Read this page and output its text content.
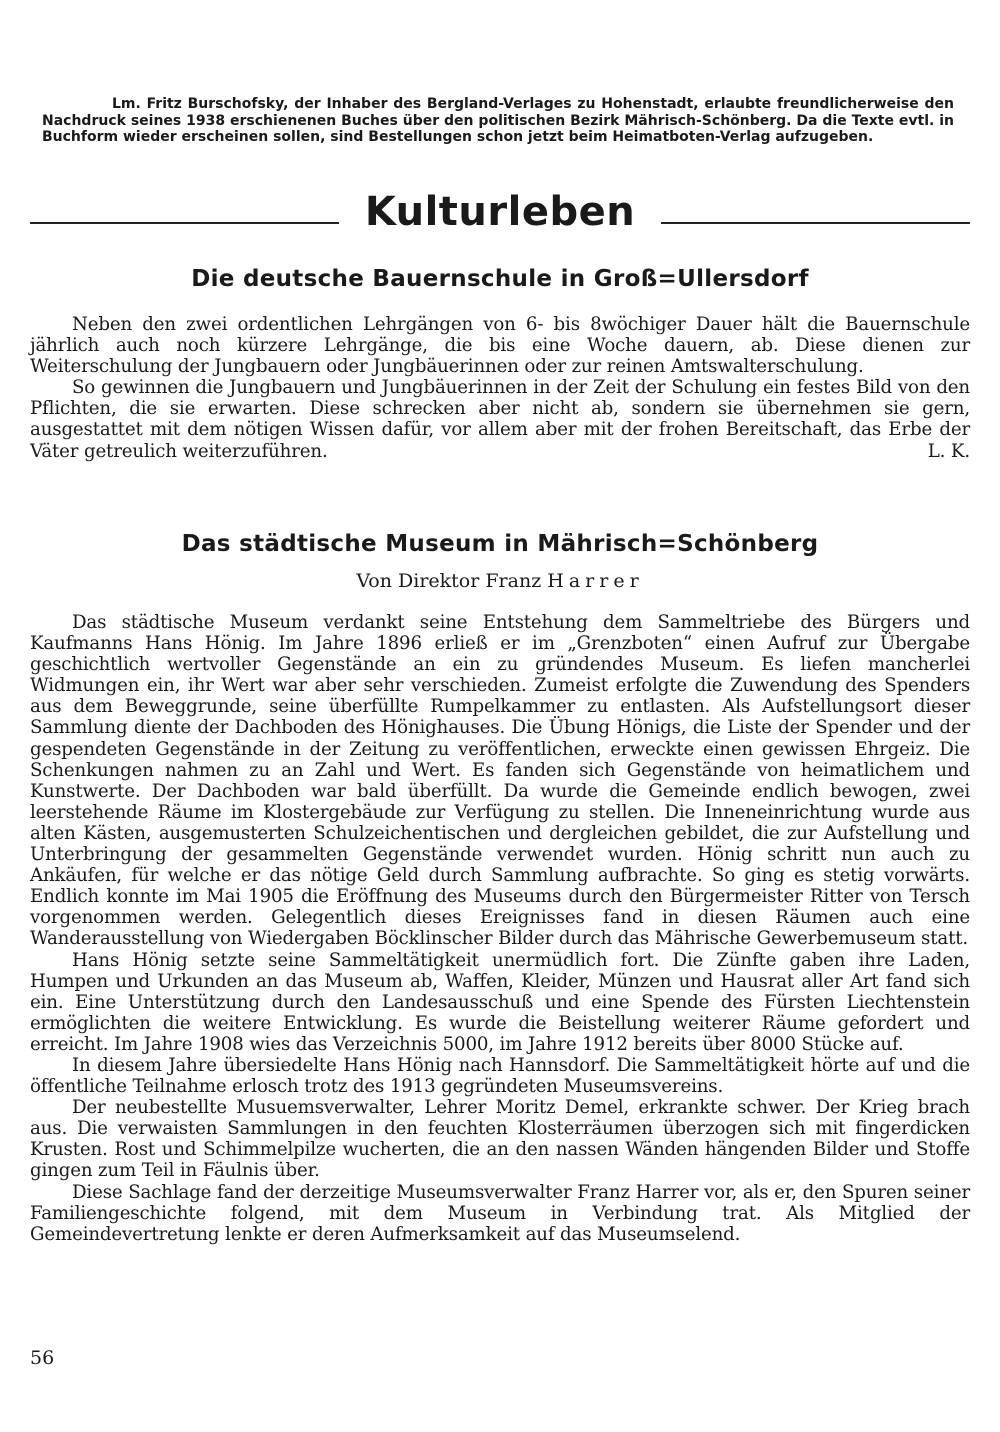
Lm. Fritz Burschofsky, der Inhaber des Bergland-Verlages zu Hohenstadt, erlaubte freundlicherweise den Nachdruck seines 1938 erschienenen Buches über den politischen Bezirk Mährisch-Schönberg. Da die Texte evtl. in Buchform wieder erscheinen sollen, sind Bestellungen schon jetzt beim Heimatboten-Verlag aufzugeben.

Kulturleben
Die deutsche Bauernschule in Groß=Ullersdorf

Neben den zwei ordentlichen Lehrgängen von 6- bis 8wöchiger Dauer hält die Bauernschule jährlich auch noch kürzere Lehrgänge, die bis eine Woche dauern, ab. Diese dienen zur Weiterschulung der Jungbauern oder Jungbäuerinnen oder zur reinen Amtswalterschulung.

So gewinnen die Jungbauern und Jungbäuerinnen in der Zeit der Schulung ein festes Bild von den Pflichten, die sie erwarten. Diese schrecken aber nicht ab, sondern sie übernehmen sie gern, ausgestattet mit dem nötigen Wissen dafür, vor allem aber mit der frohen Bereitschaft, das Erbe der Väter getreulich weiterzuführen.	L. K.

Das städtische Museum in Mährisch=Schönberg
Von Direktor Franz Harrer

Das städtische Museum verdankt seine Entstehung dem Sammeltriebe des Bürgers und Kaufmanns Hans Hönig. Im Jahre 1896 erließ er im „Grenzboten“ einen Aufruf zur Übergabe geschichtlich wertvoller Gegenstände an ein zu gründendes Museum. Es liefen mancherlei Widmungen ein, ihr Wert war aber sehr verschieden. Zumeist erfolgte die Zuwendung des Spenders aus dem Beweggrunde, seine überfüllte Rumpelkammer zu entlasten. Als Aufstellungsort dieser Sammlung diente der Dachboden des Hönighauses. Die Übung Hönigs, die Liste der Spender und der gespendeten Gegenstände in der Zeitung zu veröffentlichen, erweckte einen gewissen Ehrgeiz. Die Schenkungen nahmen zu an Zahl und Wert. Es fanden sich Gegenstände von heimatlichem und Kunstwerte. Der Dachboden war bald überfüllt. Da wurde die Gemeinde endlich bewogen, zwei leerstehende Räume im Klostergebäude zur Verfügung zu stellen. Die Inneneinrichtung wurde aus alten Kästen, ausgemusterten Schulzeichentischen und dergleichen gebildet, die zur Aufstellung und Unterbringung der gesammelten Gegenstände verwendet wurden. Hönig schritt nun auch zu Ankäufen, für welche er das nötige Geld durch Sammlung aufbrachte. So ging es stetig vorwärts. Endlich konnte im Mai 1905 die Eröffnung des Museums durch den Bürgermeister Ritter von Tersch vorgenommen werden. Gelegentlich dieses Ereignisses fand in diesen Räumen auch eine Wanderausstellung von Wiedergaben Böcklinscher Bilder durch das Mährische Gewerbemuseum statt.

Hans Hönig setzte seine Sammeltätigkeit unermüdlich fort. Die Zünfte gaben ihre Laden, Humpen und Urkunden an das Museum ab, Waffen, Kleider, Münzen und Hausrat aller Art fand sich ein. Eine Unterstützung durch den Landesausschuß und eine Spende des Fürsten Liechtenstein ermöglichten die weitere Entwicklung. Es wurde die Beistellung weiterer Räume gefordert und erreicht. Im Jahre 1908 wies das Verzeichnis 5000, im Jahre 1912 bereits über 8000 Stücke auf.

In diesem Jahre übersiedelte Hans Hönig nach Hannsdorf. Die Sammeltätigkeit hörte auf und die öffentliche Teilnahme erlosch trotz des 1913 gegründeten Museumsvereins.

Der neubestellte Musuemsverwalter, Lehrer Moritz Demel, erkrankte schwer. Der Krieg brach aus. Die verwaisten Sammlungen in den feuchten Klosterräumen überzogen sich mit fingerdicken Krusten. Rost und Schimmelpilze wucherten, die an den nassen Wänden hängenden Bilder und Stoffe gingen zum Teil in Fäulnis über.

Diese Sachlage fand der derzeitige Museumsverwalter Franz Harrer vor, als er, den Spuren seiner Familiengeschichte folgend, mit dem Museum in Verbindung trat. Als Mitglied der Gemeindevertretung lenkte er deren Aufmerksamkeit auf das Museumselend.

56
